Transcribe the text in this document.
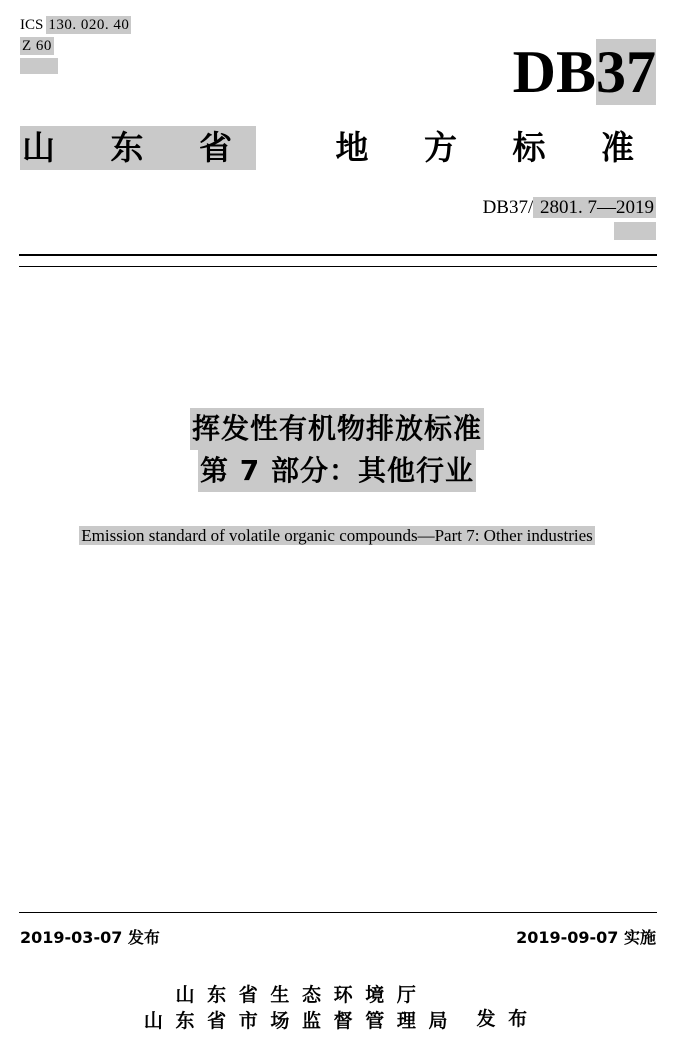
ICS 130. 020. 40
Z 60	DB37
山 东 省 地 方 标 准
DB37/ 2801. 7—2019
挥发性有机物排放标准
第 7 部分：其他行业
Emission standard of volatile organic compounds—Part 7: Other industries
2019-03-07 发布	2019-09-07 实施
山 东 省 生 态 环 境 厅
山 东 省 市 场 监 督 管 理 局 发 布
